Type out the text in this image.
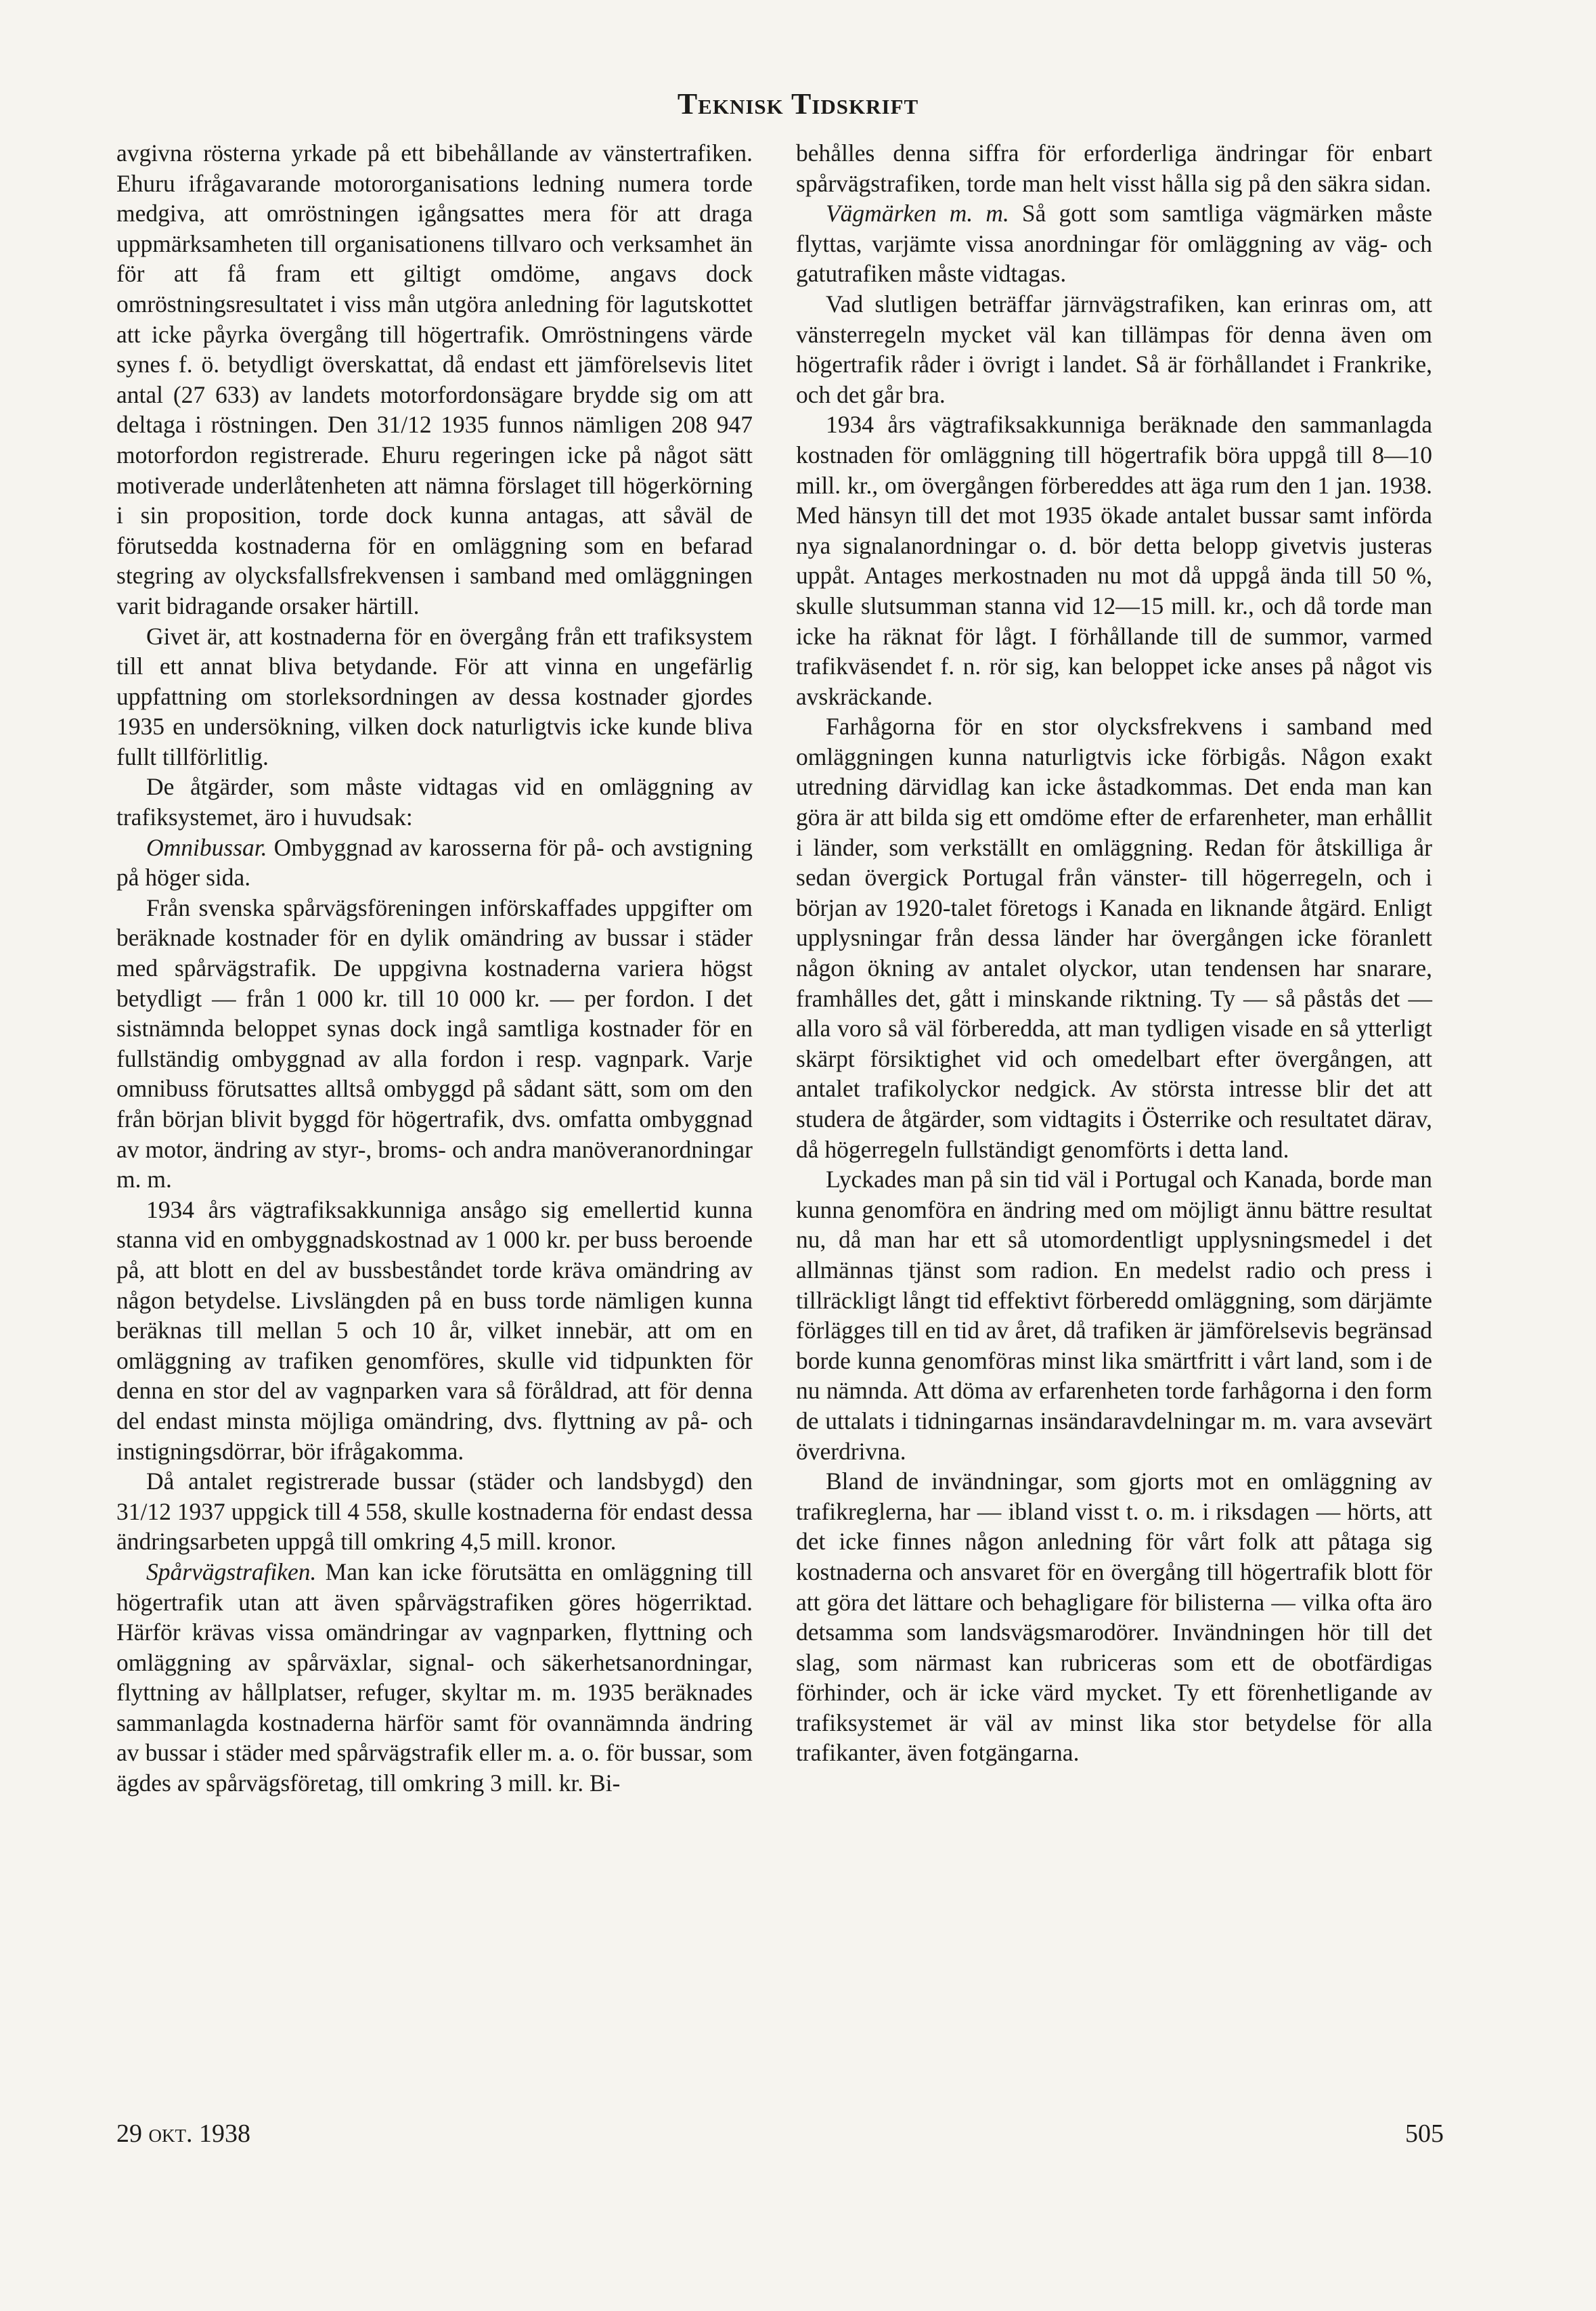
Teknisk Tidskrift

avgivna rösterna yrkade på ett bibehållande av vänstertrafiken. Ehuru ifrågavarande motororganisations ledning numera torde medgiva, att omröstningen igångsattes mera för att draga uppmärksamheten till organisationens tillvaro och verksamhet än för att få fram ett giltigt omdöme, angavs dock omröstningsresultatet i viss mån utgöra anledning för lagutskottet att icke påyrka övergång till högertrafik. Omröstningens värde synes f. ö. betydligt överskattat, då endast ett jämförelsevis litet antal (27 633) av landets motorfordonsägare brydde sig om att deltaga i röstningen. Den 31/12 1935 funnos nämligen 208 947 motorfordon registrerade. Ehuru regeringen icke på något sätt motiverade underlåtenheten att nämna förslaget till högerkörning i sin proposition, torde dock kunna antagas, att såväl de förutsedda kostnaderna för en omläggning som en befarad stegring av olycksfallsfrekvensen i samband med omläggningen varit bidragande orsaker härtill.

Givet är, att kostnaderna för en övergång från ett trafiksystem till ett annat bliva betydande. För att vinna en ungefärlig uppfattning om storleksordningen av dessa kostnader gjordes 1935 en undersökning, vilken dock naturligtvis icke kunde bliva fullt tillförlitlig.

De åtgärder, som måste vidtagas vid en omläggning av trafiksystemet, äro i huvudsak:

Omnibussar. Ombyggnad av karosserna för på- och avstigning på höger sida.

Från svenska spårvägsföreningen införskaffades uppgifter om beräknade kostnader för en dylik omändring av bussar i städer med spårvägstrafik. De uppgivna kostnaderna variera högst betydligt — från 1 000 kr. till 10 000 kr. — per fordon. I det sistnämnda beloppet synas dock ingå samtliga kostnader för en fullständig ombyggnad av alla fordon i resp. vagnpark. Varje omnibuss förutsattes alltså ombyggd på sådant sätt, som om den från början blivit byggd för högertrafik, dvs. omfatta ombyggnad av motor, ändring av styr-, broms- och andra manöveranordningar m. m.

1934 års vägtrafiksakkunniga ansågo sig emellertid kunna stanna vid en ombyggnadskostnad av 1 000 kr. per buss beroende på, att blott en del av bussbeståndet torde kräva omändring av någon betydelse. Livslängden på en buss torde nämligen kunna beräknas till mellan 5 och 10 år, vilket innebär, att om en omläggning av trafiken genomföres, skulle vid tidpunkten för denna en stor del av vagnparken vara så föråldrad, att för denna del endast minsta möjliga omändring, dvs. flyttning av på- och instigningsdörrar, bör ifrågakomma.

Då antalet registrerade bussar (städer och landsbygd) den 31/12 1937 uppgick till 4 558, skulle kostnaderna för endast dessa ändringsarbeten uppgå till omkring 4,5 mill. kronor.

Spårvägstrafiken. Man kan icke förutsätta en omläggning till högertrafik utan att även spårvägstrafiken göres högerriktad. Härför krävas vissa omändringar av vagnparken, flyttning och omläggning av spårväxlar, signal- och säkerhetsanordningar, flyttning av hållplatser, refuger, skyltar m. m. 1935 beräknades sammanlagda kostnaderna härför samt för ovannämnda ändring av bussar i städer med spårvägstrafik eller m. a. o. för bussar, som ägdes av spårvägsföretag, till omkring 3 mill. kr. Bi-

behålles denna siffra för erforderliga ändringar för enbart spårvägstrafiken, torde man helt visst hålla sig på den säkra sidan.

Vägmärken m. m. Så gott som samtliga vägmärken måste flyttas, varjämte vissa anordningar för omläggning av väg- och gatutrafiken måste vidtagas.

Vad slutligen beträffar järnvägstrafiken, kan erinras om, att vänsterregeln mycket väl kan tillämpas för denna även om högertrafik råder i övrigt i landet. Så är förhållandet i Frankrike, och det går bra.

1934 års vägtrafiksakkunniga beräknade den sammanlagda kostnaden för omläggning till högertrafik böra uppgå till 8—10 mill. kr., om övergången förbereddes att äga rum den 1 jan. 1938. Med hänsyn till det mot 1935 ökade antalet bussar samt införda nya signalanordningar o. d. bör detta belopp givetvis justeras uppåt. Antages merkostnaden nu mot då uppgå ända till 50 %, skulle slutsumman stanna vid 12—15 mill. kr., och då torde man icke ha räknat för lågt. I förhållande till de summor, varmed trafikväsendet f. n. rör sig, kan beloppet icke anses på något vis avskräckande.

Farhågorna för en stor olycksfrekvens i samband med omläggningen kunna naturligtvis icke förbigås. Någon exakt utredning därvidlag kan icke åstadkommas. Det enda man kan göra är att bilda sig ett omdöme efter de erfarenheter, man erhållit i länder, som verkställt en omläggning. Redan för åtskilliga år sedan övergick Portugal från vänster- till högerregeln, och i början av 1920-talet företogs i Kanada en liknande åtgärd. Enligt upplysningar från dessa länder har övergången icke föranlett någon ökning av antalet olyckor, utan tendensen har snarare, framhålles det, gått i minskande riktning. Ty — så påstås det — alla voro så väl förberedda, att man tydligen visade en så ytterligt skärpt försiktighet vid och omedelbart efter övergången, att antalet trafikolyckor nedgick. Av största intresse blir det att studera de åtgärder, som vidtagits i Österrike och resultatet därav, då högerregeln fullständigt genomförts i detta land.

Lyckades man på sin tid väl i Portugal och Kanada, borde man kunna genomföra en ändring med om möjligt ännu bättre resultat nu, då man har ett så utomordentligt upplysningsmedel i det allmännas tjänst som radion. En medelst radio och press i tillräckligt långt tid effektivt förberedd omläggning, som därjämte förlägges till en tid av året, då trafiken är jämförelsevis begränsad borde kunna genomföras minst lika smärtfritt i vårt land, som i de nu nämnda. Att döma av erfarenheten torde farhågorna i den form de uttalats i tidningarnas insändaravdelningar m. m. vara avsevärt överdrivna.

Bland de invändningar, som gjorts mot en omläggning av trafikreglerna, har — ibland visst t. o. m. i riksdagen — hörts, att det icke finnes någon anledning för vårt folk att påtaga sig kostnaderna och ansvaret för en övergång till högertrafik blott för att göra det lättare och behagligare för bilisterna — vilka ofta äro detsamma som landsvägsmarodörer. Invändningen hör till det slag, som närmast kan rubriceras som ett de obotfärdigas förhinder, och är icke värd mycket. Ty ett förenhetligande av trafiksystemet är väl av minst lika stor betydelse för alla trafikanter, även fotgängarna.

29 okt. 1938	505
